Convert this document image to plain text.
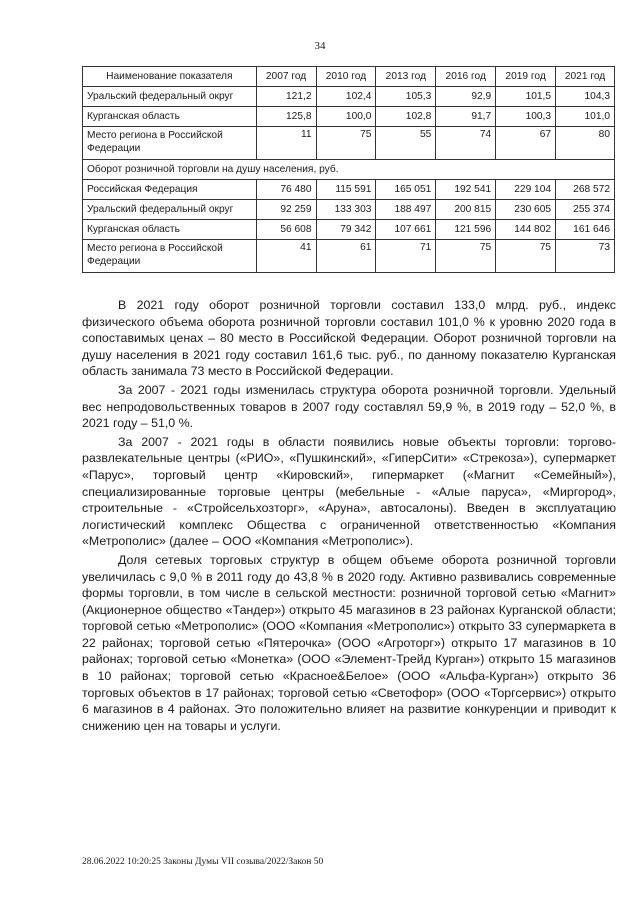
34
Наименование показателя	2007 год	2010 год	2013 год	2016 год	2019 год	2021 год
Уральский федеральный округ	121,2	102,4	105,3	92,9	101,5	104,3
Курганская область	125,8	100,0	102,8	91,7	100,3	101,0
Место региона в Российской Федерации	11	75	55	74	67	80
Оборот розничной торговли на душу населения, руб.						
Российская Федерация	76 480	115 591	165 051	192 541	229 104	268 572
Уральский федеральный округ	92 259	133 303	188 497	200 815	230 605	255 374
Курганская область	56 608	79 342	107 661	121 596	144 802	161 646
Место региона в Российской Федерации	41	61	71	75	75	73

В 2021 году оборот розничной торговли составил 133,0 млрд. руб., индекс физического объема оборота розничной торговли составил 101,0 % к уровню 2020 года в сопоставимых ценах – 80 место в Российской Федерации. Оборот розничной торговли на душу населения в 2021 году составил 161,6 тыс. руб., по данному показателю Курганская область занимала 73 место в Российской Федерации.

За 2007 - 2021 годы изменилась структура оборота розничной торговли. Удельный вес непродовольственных товаров в 2007 году составлял 59,9 %, в 2019 году – 52,0 %, в 2021 году – 51,0 %.

За 2007 - 2021 годы в области появились новые объекты торговли: торгово-развлекательные центры («РИО», «Пушкинский», «ГиперСити» «Стрекоза»), супермаркет «Парус», торговый центр «Кировский», гипермаркет («Магнит «Семейный»), специализированные торговые центры (мебельные - «Алые паруса», «Миргород», строительные - «Стройсельхозторг», «Аруна», автосалоны). Введен в эксплуатацию логистический комплекс Общества с ограниченной ответственностью «Компания «Метрополис» (далее – ООО «Компания «Метрополис»).

Доля сетевых торговых структур в общем объеме оборота розничной торговли увеличилась с 9,0 % в 2011 году до 43,8 % в 2020 году. Активно развивались современные формы торговли, в том числе в сельской местности: розничной торговой сетью «Магнит» (Акционерное общество «Тандер») открыто 45 магазинов в 23 районах Курганской области; торговой сетью «Метрополис» (ООО «Компания «Метрополис») открыто 33 супермаркета в 22 районах; торговой сетью «Пятерочка» (ООО «Агроторг») открыто 17 магазинов в 10 районах; торговой сетью «Монетка» (ООО «Элемент-Трейд Курган») открыто 15 магазинов в 10 районах; торговой сетью «Красное&Белое» (ООО «Альфа-Курган») открыто 36 торговых объектов в 17 районах; торговой сетью «Светофор» (ООО «Торгсервис») открыто 6 магазинов в 4 районах. Это положительно влияет на развитие конкуренции и приводит к снижению цен на товары и услуги.

28.06.2022 10:20:25 Законы Думы VII созыва/2022/Закон 50
